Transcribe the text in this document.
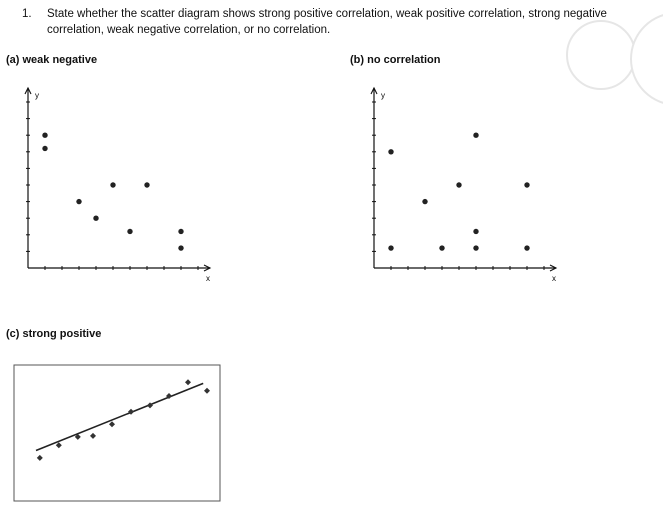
1. State whether the scatter diagram shows strong positive correlation, weak positive correlation, strong negative correlation, weak negative correlation, or no correlation.
(a) weak negative	(b) no correlation
(c) strong positive
x
y
x
y
